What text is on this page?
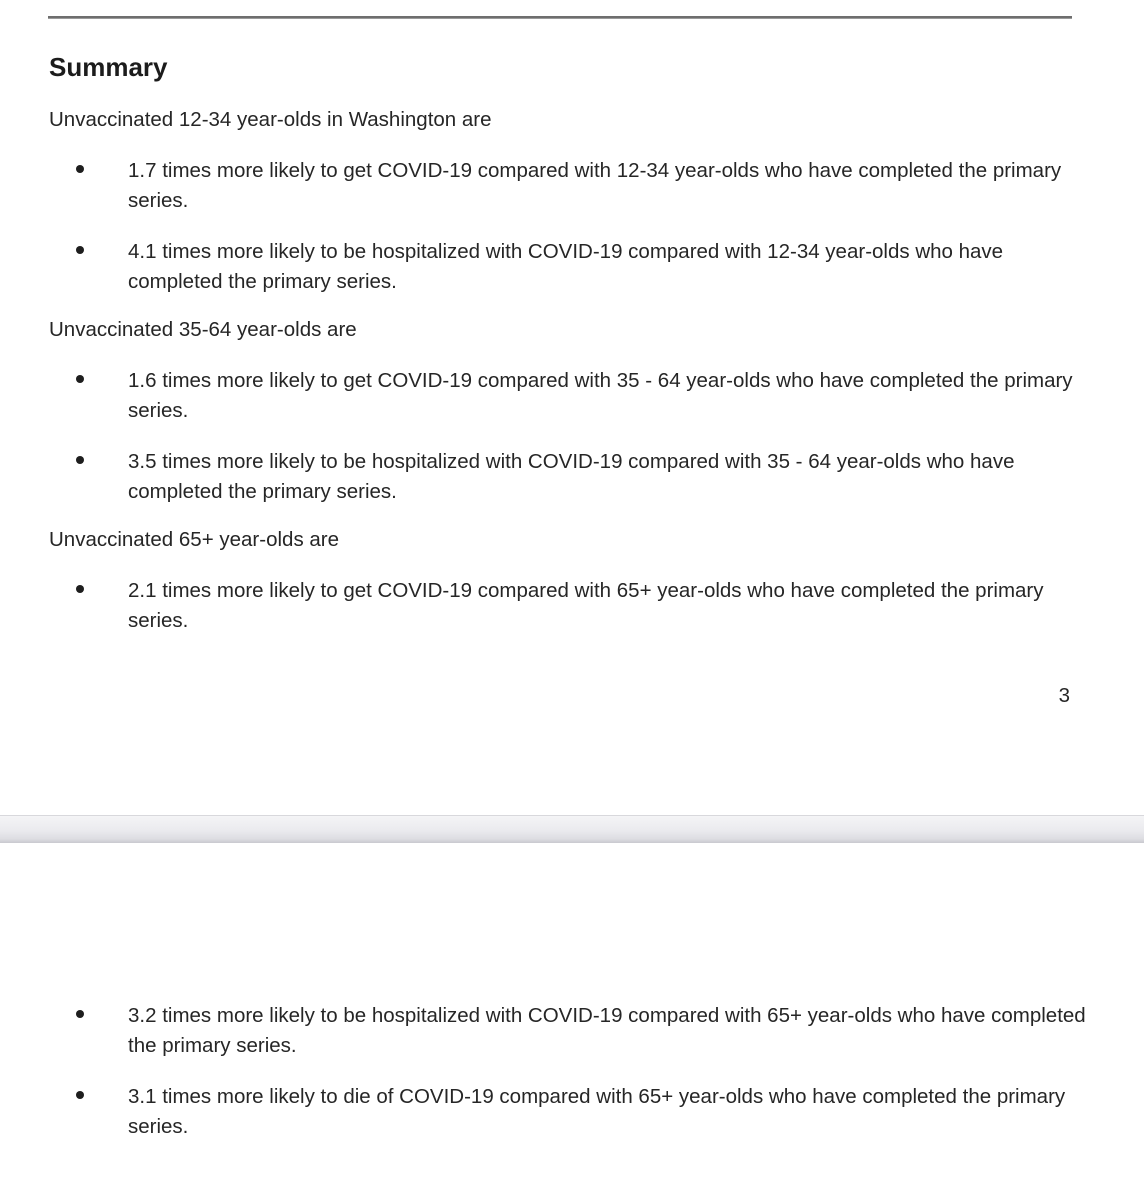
Summary
Unvaccinated 12-34 year-olds in Washington are
1.7 times more likely to get COVID-19 compared with 12-34 year-olds who have completed the primary series.
4.1 times more likely to be hospitalized with COVID-19 compared with 12-34 year-olds who have completed the primary series.
Unvaccinated 35-64 year-olds are
1.6 times more likely to get COVID-19 compared with 35 - 64 year-olds who have completed the primary series.
3.5 times more likely to be hospitalized with COVID-19 compared with 35 - 64 year-olds who have completed the primary series.
Unvaccinated 65+ year-olds are
2.1 times more likely to get COVID-19 compared with 65+ year-olds who have completed the primary series.
3
3.2 times more likely to be hospitalized with COVID-19 compared with 65+ year-olds who have completed the primary series.
3.1 times more likely to die of COVID-19 compared with 65+ year-olds who have completed the primary series.
